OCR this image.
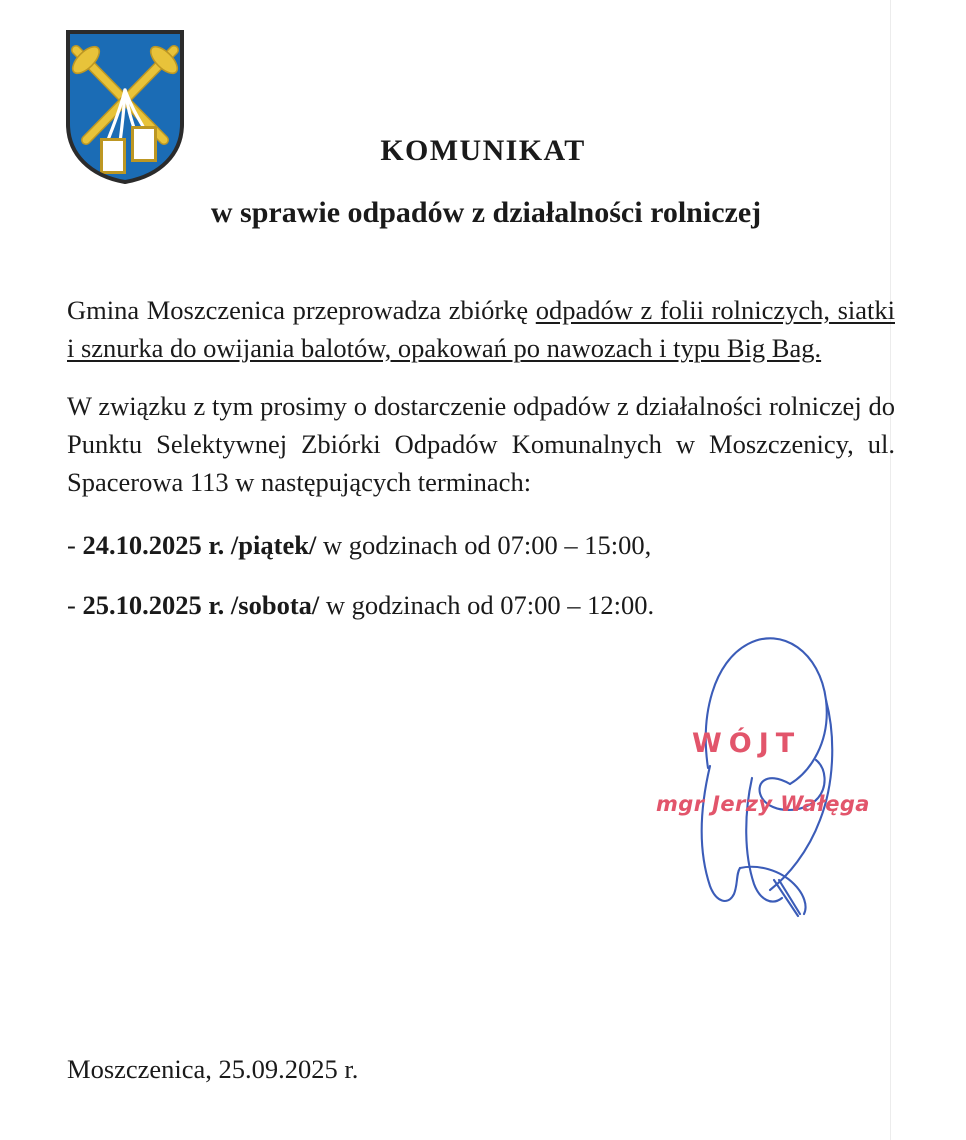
KOMUNIKAT
w sprawie odpadów z działalności rolniczej

Gmina Moszczenica przeprowadza zbiórkę odpadów z folii rolniczych, siatki i sznurka do owijania balotów, opakowań po nawozach i typu Big Bag.

W związku z tym prosimy o dostarczenie odpadów z działalności rolniczej do Punktu Selektywnej Zbiórki Odpadów Komunalnych w Moszczenicy, ul. Spacerowa 113 w następujących terminach:

- 24.10.2025 r. /piątek/ w godzinach od 07:00 – 15:00,

- 25.10.2025 r. /sobota/ w godzinach od 07:00 – 12:00.

WÓJT
mgr Jerzy Wałęga
Moszczenica, 25.09.2025 r.
